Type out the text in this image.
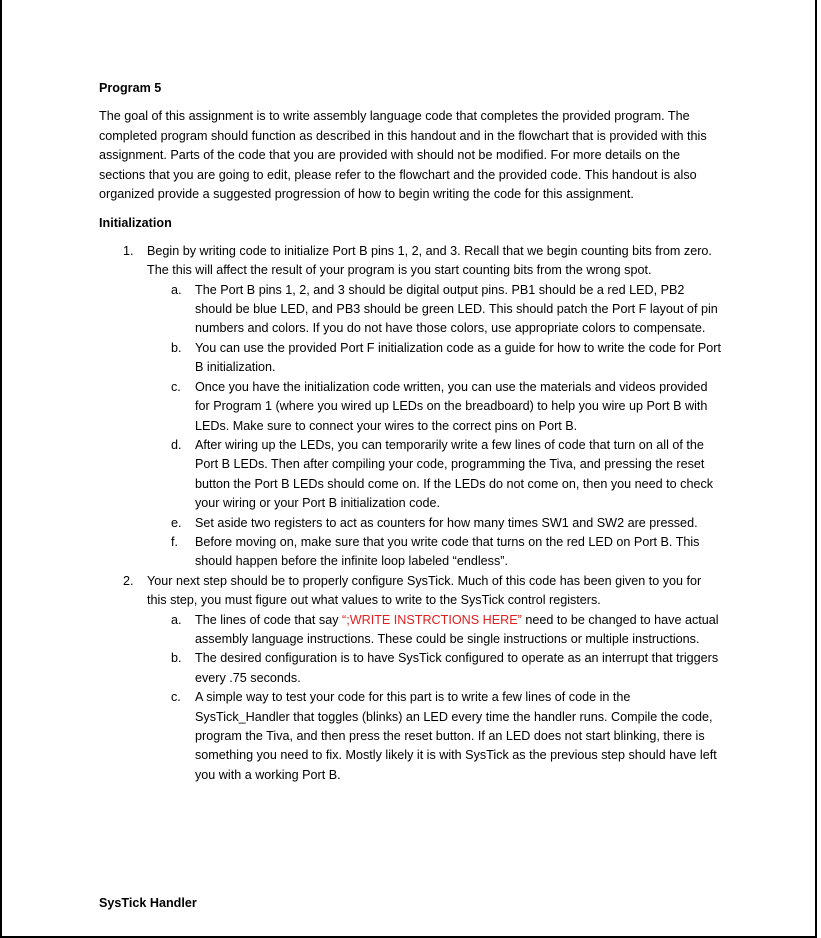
Program 5

The goal of this assignment is to write assembly language code that completes the provided program. The completed program should function as described in this handout and in the flowchart that is provided with this assignment. Parts of the code that you are provided with should not be modified. For more details on the sections that you are going to edit, please refer to the flowchart and the provided code. This handout is also organized provide a suggested progression of how to begin writing the code for this assignment.

Initialization

1. Begin by writing code to initialize Port B pins 1, 2, and 3. Recall that we begin counting bits from zero. The this will affect the result of your program is you start counting bits from the wrong spot.
a. The Port B pins 1, 2, and 3 should be digital output pins. PB1 should be a red LED, PB2 should be blue LED, and PB3 should be green LED. This should patch the Port F layout of pin numbers and colors. If you do not have those colors, use appropriate colors to compensate.
b. You can use the provided Port F initialization code as a guide for how to write the code for Port B initialization.
c. Once you have the initialization code written, you can use the materials and videos provided for Program 1 (where you wired up LEDs on the breadboard) to help you wire up Port B with LEDs. Make sure to connect your wires to the correct pins on Port B.
d. After wiring up the LEDs, you can temporarily write a few lines of code that turn on all of the Port B LEDs. Then after compiling your code, programming the Tiva, and pressing the reset button the Port B LEDs should come on. If the LEDs do not come on, then you need to check your wiring or your Port B initialization code.
e. Set aside two registers to act as counters for how many times SW1 and SW2 are pressed.
f. Before moving on, make sure that you write code that turns on the red LED on Port B. This should happen before the infinite loop labeled “endless”.
2. Your next step should be to properly configure SysTick. Much of this code has been given to you for this step, you must figure out what values to write to the SysTick control registers.
a. The lines of code that say “;WRITE INSTRCTIONS HERE” need to be changed to have actual assembly language instructions. These could be single instructions or multiple instructions.
b. The desired configuration is to have SysTick configured to operate as an interrupt that triggers every .75 seconds.
c. A simple way to test your code for this part is to write a few lines of code in the SysTick_Handler that toggles (blinks) an LED every time the handler runs. Compile the code, program the Tiva, and then press the reset button. If an LED does not start blinking, there is something you need to fix. Mostly likely it is with SysTick as the previous step should have left you with a working Port B.

SysTick Handler
